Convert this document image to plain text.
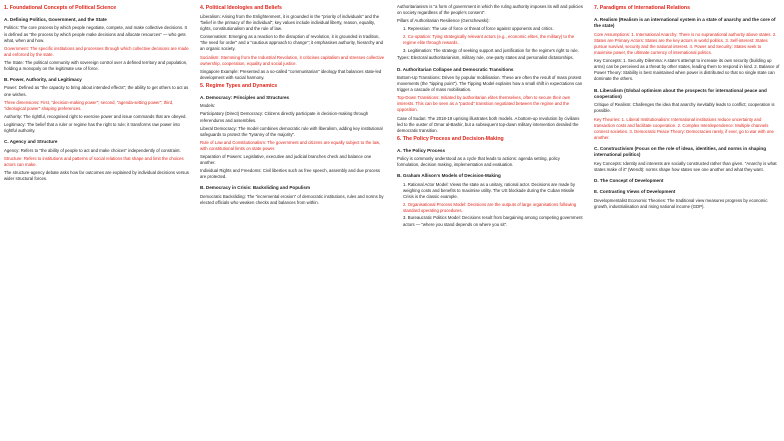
1. Foundational Concepts of Political Science
A. Defining Politics, Government, and the State
Politics: The core process by which people negotiate, compete, and make collective decisions. It is defined as "the process by which people make decisions and allocate resources" — who gets what, when and how.
Government: The specific institutions and processes through which collective decisions are made and enforced by the state.
The State: The political community with sovereign control over a defined territory and population, holding a monopoly on the legitimate use of force.
B. Power, Authority, and Legitimacy
Power: Defined as "the capacity to bring about intended effects"; the ability to get others to act as one wishes.
Three dimensions: First, "decision-making power"; second, "agenda-setting power"; third, "ideological power" shaping preferences.
Authority: The rightful, recognised right to exercise power and issue commands that are obeyed.
Legitimacy: The belief that a ruler or regime has the right to rule; it transforms raw power into rightful authority.
C. Agency and Structure
Agency: Refers to "the ability of people to act and make choices" independently of constraint.
Structure: Refers to institutions and patterns of social relations that shape and limit the choices actors can make.
The structure-agency debate asks how far outcomes are explained by individual decisions versus wider structural forces.
4. Political Ideologies and Beliefs
Liberalism: Arising from the Enlightenment, it is grounded in the "priority of individuals" and the "belief in the primacy of the individual"; key values include individual liberty, reason, equality, rights, constitutionalism and the rule of law.
Conservatism: Emerging as a reaction to the disruption of revolution, it is grounded in tradition, "the need for order" and a "cautious approach to change"; it emphasises authority, hierarchy and an organic society.
Socialism: Stemming from the Industrial Revolution, it criticises capitalism and stresses collective ownership, cooperation, equality and social justice.
Singapore Example: Presented as a so-called "communitarian" ideology that balances state-led development with social harmony.
5. Regime Types and Dynamics
A. Democracy: Principles and Structures
Models:
Participatory (Direct) Democracy: Citizens directly participate in decision-making through referendums and assemblies.
Liberal Democracy: The model combines democratic rule with liberalism, adding key institutional safeguards to protect the "tyranny of the majority".
Rule of Law and Constitutionalism: The government and citizens are equally subject to the law, with constitutional limits on state power.
Separation of Powers: Legislative, executive and judicial branches check and balance one another.
Individual Rights and Freedoms: Civil liberties such as free speech, assembly and due process are protected.
B. Democracy in Crisis: Backsliding and Populism
Democratic Backsliding: The "incremental erosion" of democratic institutions, rules and norms by elected officials who weaken checks and balances from within.
Authoritarianism is "a form of government in which the ruling authority imposes its will and policies on society regardless of the people's consent".
Pillars of Authoritarian Resilience (Gerschewski):
• 1. Repression: The use of force or threat of force against opponents and critics.
• 2. Co-optation: Tying strategically relevant actors (e.g., economic elites, the military) to the regime elite through rewards.
• 3. Legitimation: The strategy of seeking support and justification for the regime's right to rule.
Types: Electoral authoritarianism, military rule, one-party states and personalist dictatorships.
D. Authoritarian Collapse and Democratic Transitions
Bottom-Up Transitions: Driven by popular mobilisation. These are often the result of mass protest movements (the "tipping point"). The Tipping Model explains how a small shift in expectations can trigger a cascade of mass mobilisation.
Top-Down Transitions: Initiated by authoritarian elites themselves, often to secure their own interests. This can be seen as a "pacted" transition negotiated between the regime and the opposition.
Case of Sudan: The 2018-19 uprising illustrates both models. A bottom-up revolution by civilians led to the ouster of Omar al-Bashir, but a subsequent top-down military intervention derailed the democratic transition.
6. The Policy Process and Decision-Making
A. The Policy Process
Policy is commonly understood as a cycle that leads to actions: agenda setting, policy formulation, decision making, implementation and evaluation.
B. Graham Allison's Models of Decision-Making
• 1. Rational Actor Model: Views the state as a unitary, rational actor. Decisions are made by weighing costs and benefits to maximise utility. The US blockade during the Cuban Missile Crisis is the classic example.
• 2. Organisational Process Model: Decisions are the outputs of large organisations following standard operating procedures.
• 3. Bureaucratic Politics Model: Decisions result from bargaining among competing government actors — "where you stand depends on where you sit".
7. Paradigms of International Relations
A. Realism (Realism is an international system in a state of anarchy and the core of the state)
Core Assumptions: 1. International Anarchy: There is no supranational authority above states. 2. States are Primary Actors: States are the key actors in world politics. 3. Self-interest: States pursue survival, security and the national interest. 4. Power and Security: States seek to maximise power, the ultimate currency of international politics.
Key Concepts: 1. Security Dilemma: A state's attempt to increase its own security (building up arms) can be perceived as a threat by other states, leading them to respond in kind. 2. Balance of Power Theory: Stability is best maintained when power is distributed so that no single state can dominate the others.
B. Liberalism (Global optimism about the prospects for international peace and cooperation)
Critique of Realism: Challenges the idea that anarchy inevitably leads to conflict; cooperation is possible.
Key Theories: 1. Liberal Institutionalism: International institutions reduce uncertainty and transaction costs and facilitate cooperation. 2. Complex Interdependence: Multiple channels connect societies. 3. Democratic Peace Theory: Democracies rarely, if ever, go to war with one another.
C. Constructivism (Focus on the role of ideas, identities, and norms in shaping international politics)
Key Concepts: Identity and interests are socially constructed rather than given. "Anarchy is what states make of it" (Wendt): norms shape how states see one another and what they want.
D. The Concept of Development
E. Contrasting Views of Development
Developmentalist Economic Theories: The traditional view measures progress by economic growth, industrialisation and rising national income (GDP).
